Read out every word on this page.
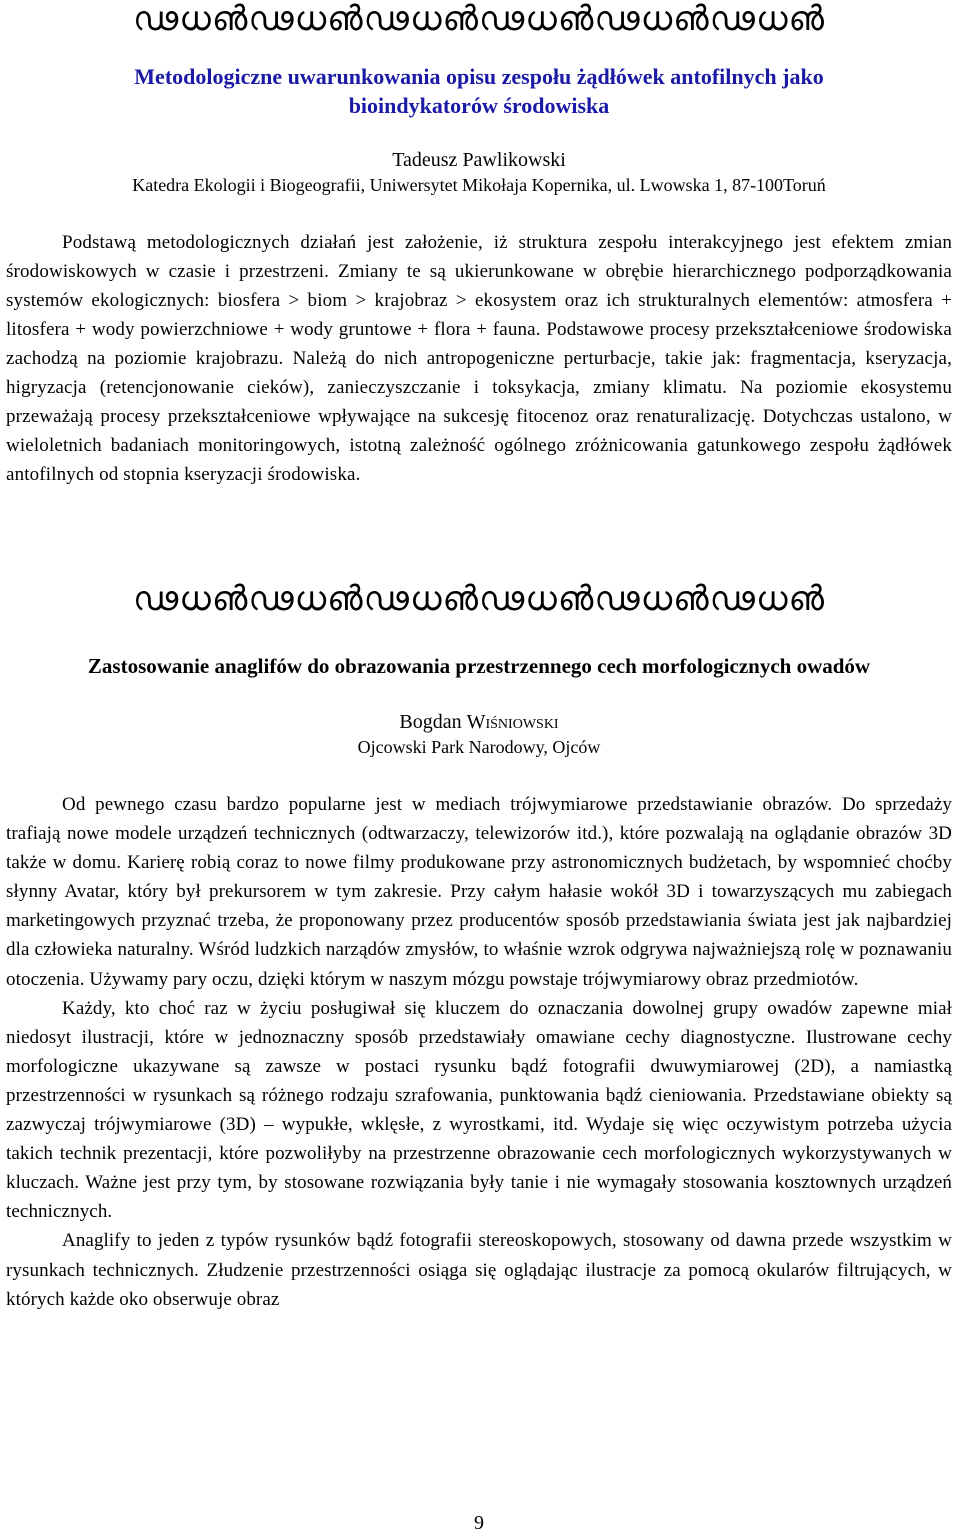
ഢധ൵ഢധ൵ഢധ൵ഢധ൵ഢധ൵ഢധ൵
Metodologiczne uwarunkowania opisu zespołu żądłówek antofilnych jako bioindykatorów środowiska
Tadeusz Pawlikowski
Katedra Ekologii i Biogeografii, Uniwersytet Mikołaja Kopernika, ul. Lwowska 1, 87-100Toruń

Podstawą metodologicznych działań jest założenie, iż struktura zespołu interakcyjnego jest efektem zmian środowiskowych w czasie i przestrzeni. Zmiany te są ukierunkowane w obrębie hierarchicznego podporządkowania systemów ekologicznych: biosfera > biom > krajobraz > ekosystem oraz ich strukturalnych elementów: atmosfera + litosfera + wody powierzchniowe + wody gruntowe + flora + fauna. Podstawowe procesy przekształceniowe środowiska zachodzą na poziomie krajobrazu. Należą do nich antropogeniczne perturbacje, takie jak: fragmentacja, kseryzacja, higryzacja (retencjonowanie cieków), zanieczyszczanie i toksykacja, zmiany klimatu. Na poziomie ekosystemu przeważają procesy przekształceniowe wpływające na sukcesję fitocenoz oraz renaturalizację. Dotychczas ustalono, w wieloletnich badaniach monitoringowych, istotną zależność ogólnego zróżnicowania gatunkowego zespołu żądłówek antofilnych od stopnia kseryzacji środowiska.

ഢധ൵ഢധ൵ഢധ൵ഢധ൵ഢധ൵ഢധ൵
Zastosowanie anaglifów do obrazowania przestrzennego cech morfologicznych owadów
Bogdan Wiśniowski
Ojcowski Park Narodowy, Ojców

Od pewnego czasu bardzo popularne jest w mediach trójwymiarowe przedstawianie obrazów. Do sprzedaży trafiają nowe modele urządzeń technicznych (odtwarzaczy, telewizorów itd.), które pozwalają na oglądanie obrazów 3D także w domu. Karierę robią coraz to nowe filmy produkowane przy astronomicznych budżetach, by wspomnieć choćby słynny Avatar, który był prekursorem w tym zakresie. Przy całym hałasie wokół 3D i towarzyszących mu zabiegach marketingowych przyznać trzeba, że proponowany przez producentów sposób przedstawiania świata jest jak najbardziej dla człowieka naturalny. Wśród ludzkich narządów zmysłów, to właśnie wzrok odgrywa najważniejszą rolę w poznawaniu otoczenia. Używamy pary oczu, dzięki którym w naszym mózgu powstaje trójwymiarowy obraz przedmiotów.

Każdy, kto choć raz w życiu posługiwał się kluczem do oznaczania dowolnej grupy owadów zapewne miał niedosyt ilustracji, które w jednoznaczny sposób przedstawiały omawiane cechy diagnostyczne. Ilustrowane cechy morfologiczne ukazywane są zawsze w postaci rysunku bądź fotografii dwuwymiarowej (2D), a namiastką przestrzenności w rysunkach są różnego rodzaju szrafowania, punktowania bądź cieniowania. Przedstawiane obiekty są zazwyczaj trójwymiarowe (3D) – wypukłe, wklęsłe, z wyrostkami, itd. Wydaje się więc oczywistym potrzeba użycia takich technik prezentacji, które pozwoliłyby na przestrzenne obrazowanie cech morfologicznych wykorzystywanych w kluczach. Ważne jest przy tym, by stosowane rozwiązania były tanie i nie wymagały stosowania kosztownych urządzeń technicznych.

Anaglify to jeden z typów rysunków bądź fotografii stereoskopowych, stosowany od dawna przede wszystkim w rysunkach technicznych. Złudzenie przestrzenności osiąga się oglądając ilustracje za pomocą okularów filtrujących, w których każde oko obserwuje obraz

9
